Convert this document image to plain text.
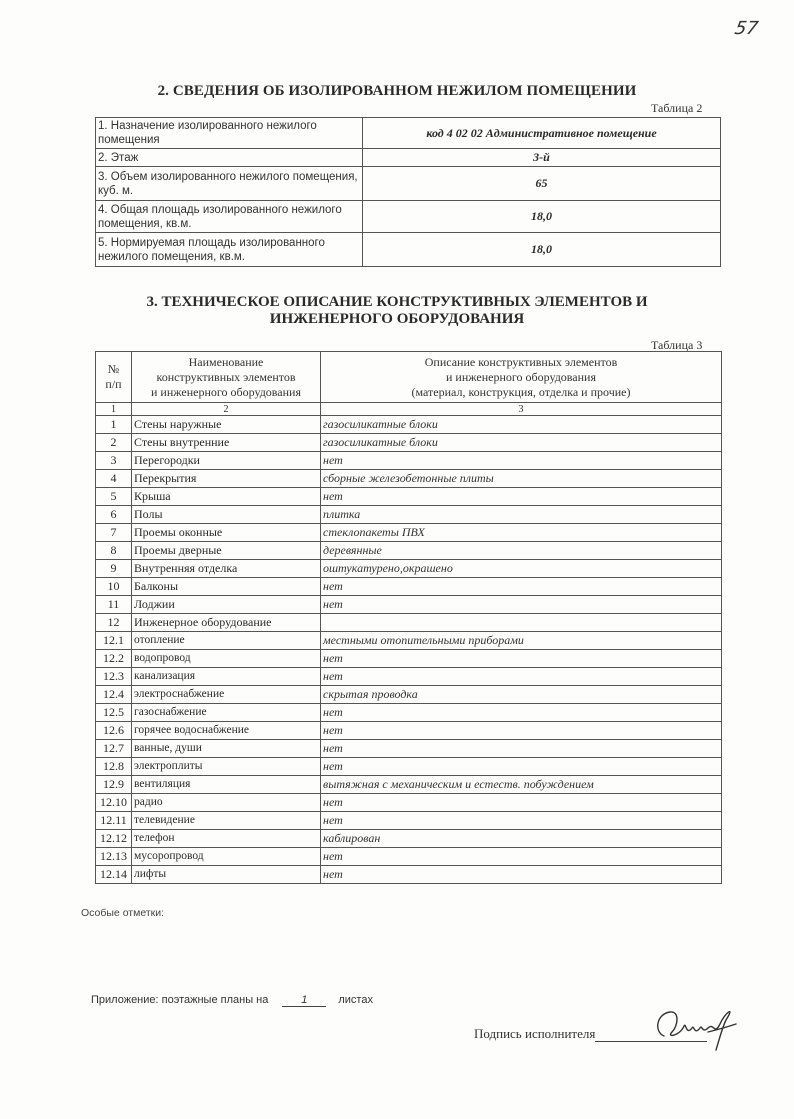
57
2. СВЕДЕНИЯ ОБ ИЗОЛИРОВАННОМ НЕЖИЛОМ ПОМЕЩЕНИИ
Таблица 2
1. Назначение изолированного нежилого помещения	код 4 02 02 Административное помещение
2. Этаж	3-й
3. Объем изолированного нежилого помещения, куб. м.	65
4. Общая площадь изолированного нежилого помещения, кв.м.	18,0
5. Нормируемая площадь изолированного нежилого помещения, кв.м.	18,0
3. ТЕХНИЧЕСКОЕ ОПИСАНИЕ КОНСТРУКТИВНЫХ ЭЛЕМЕНТОВ И
ИНЖЕНЕРНОГО ОБОРУДОВАНИЯ
Таблица 3
№
п/п

Наименование
конструктивных элементов
и инженерного оборудования

Описание конструктивных элементов
и инженерного оборудования
(материал, конструкция, отделка и прочие)

1	2	3
1	Стены наружные	газосиликатные блоки
2	Стены внутренние	газосиликатные блоки
3	Перегородки	нет
4	Перекрытия	сборные железобетонные плиты
5	Крыша	нет
6	Полы	плитка
7	Проемы оконные	стеклопакеты ПВХ
8	Проемы дверные	деревянные
9	Внутренняя отделка	оштукатурено,окрашено
10	Балконы	нет
11	Лоджии	нет
12	Инженерное оборудование	
12.1	отопление	местными отопительными приборами
12.2	водопровод	нет
12.3	канализация	нет
12.4	электроснабжение	скрытая проводка
12.5	газоснабжение	нет
12.6	горячее водоснабжение	нет
12.7	ванные, души	нет
12.8	электроплиты	нет
12.9	вентиляция	вытяжная с механическим и естеств. побуждением
12.10	радио	нет
12.11	телевидение	нет
12.12	телефон	каблирован
12.13	мусоропровод	нет
12.14	лифты	нет
Особые отметки:
Приложение: поэтажные планы на	1	листах
Подпись исполнителя
